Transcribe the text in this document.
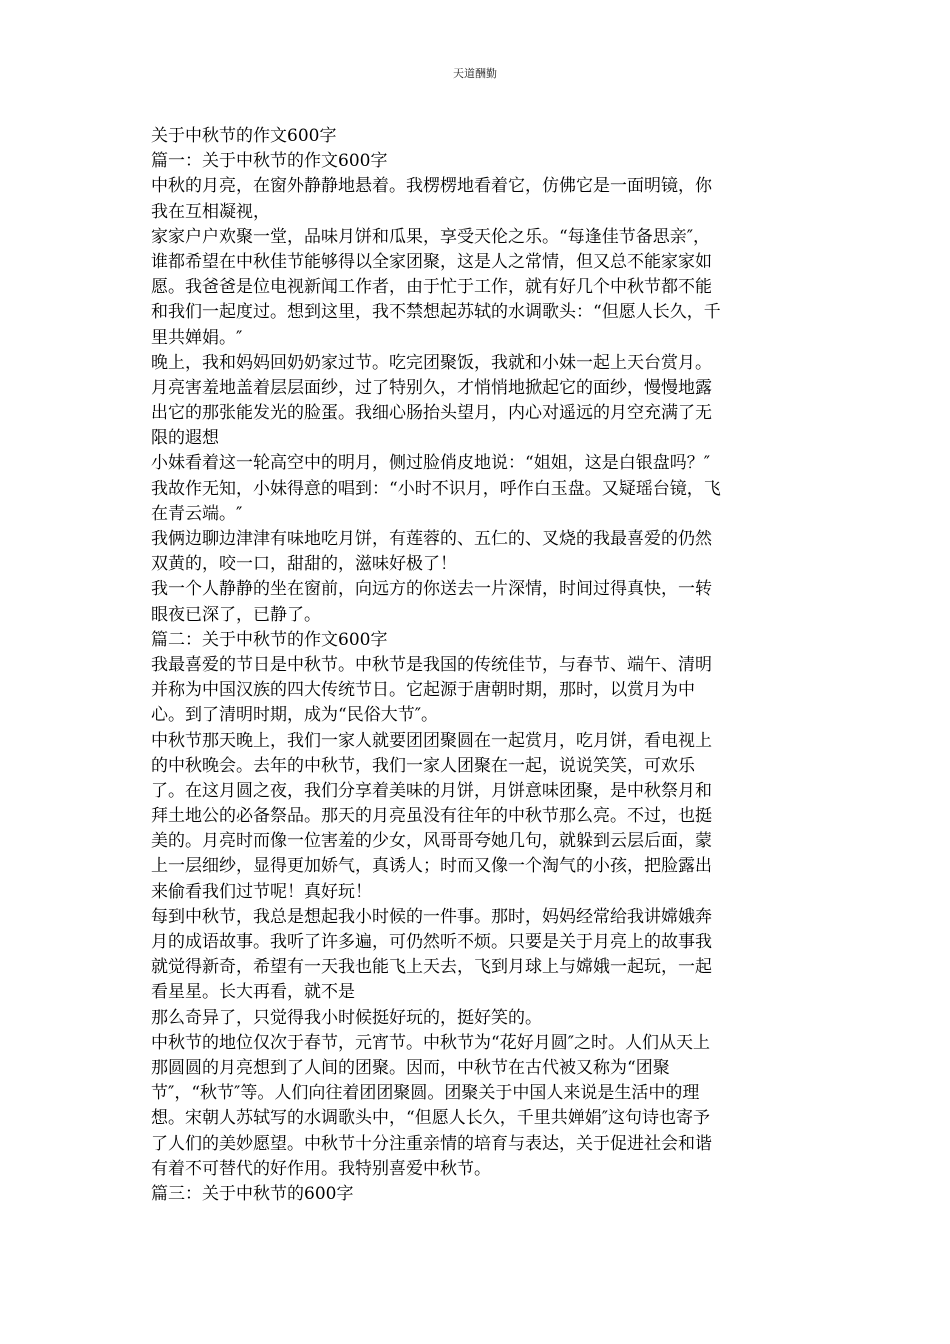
天道酬勤
关于中秋节的作文600字
篇一：关于中秋节的作文600字
中秋的月亮，在窗外静静地悬着。我楞楞地看着它，仿佛它是一面明镜，你
我在互相凝视，
家家户户欢聚一堂，品味月饼和瓜果，享受天伦之乐。“每逢佳节备思亲″，
谁都希望在中秋佳节能够得以全家团聚，这是人之常情，但又总不能家家如
愿。我爸爸是位电视新闻工作者，由于忙于工作，就有好几个中秋节都不能
和我们一起度过。想到这里，我不禁想起苏轼的水调歌头：“但愿人长久，千
里共婵娟。″
晚上，我和妈妈回奶奶家过节。吃完团聚饭，我就和小妹一起上天台赏月。
月亮害羞地盖着层层面纱，过了特别久，才悄悄地掀起它的面纱，慢慢地露
出它的那张能发光的脸蛋。我细心肠抬头望月，内心对遥远的月空充满了无
限的遐想
小妹看着这一轮高空中的明月，侧过脸俏皮地说：“姐姐，这是白银盘吗？″
我故作无知，小妹得意的唱到：“小时不识月，呼作白玉盘。又疑瑶台镜，飞
在青云端。″
我俩边聊边津津有味地吃月饼，有莲蓉的、五仁的、叉烧的我最喜爱的仍然
双黄的，咬一口，甜甜的，滋味好极了！
我一个人静静的坐在窗前，向远方的你送去一片深情，时间过得真快，一转
眼夜已深了，已静了。
篇二：关于中秋节的作文600字
我最喜爱的节日是中秋节。中秋节是我国的传统佳节，与春节、端午、清明
并称为中国汉族的四大传统节日。它起源于唐朝时期，那时，以赏月为中
心。到了清明时期，成为“民俗大节″。
中秋节那天晚上，我们一家人就要团团聚圆在一起赏月，吃月饼，看电视上
的中秋晚会。去年的中秋节，我们一家人团聚在一起，说说笑笑，可欢乐
了。在这月圆之夜，我们分享着美味的月饼，月饼意味团聚，是中秋祭月和
拜土地公的必备祭品。那天的月亮虽没有往年的中秋节那么亮。不过，也挺
美的。月亮时而像一位害羞的少女，风哥哥夸她几句，就躲到云层后面，蒙
上一层细纱，显得更加娇气，真诱人；时而又像一个淘气的小孩，把脸露出
来偷看我们过节呢！真好玩！
每到中秋节，我总是想起我小时候的一件事。那时，妈妈经常给我讲嫦娥奔
月的成语故事。我听了许多遍，可仍然听不烦。只要是关于月亮上的故事我
就觉得新奇，希望有一天我也能飞上天去，飞到月球上与嫦娥一起玩，一起
看星星。长大再看，就不是
那么奇异了，只觉得我小时候挺好玩的，挺好笑的。
中秋节的地位仅次于春节，元宵节。中秋节为“花好月圆″之时。人们从天上
那圆圆的月亮想到了人间的团聚。因而，中秋节在古代被又称为“团聚
节″，“秋节″等。人们向往着团团聚圆。团聚关于中国人来说是生活中的理
想。宋朝人苏轼写的水调歌头中，“但愿人长久，千里共婵娟″这句诗也寄予
了人们的美妙愿望。中秋节十分注重亲情的培育与表达，关于促进社会和谐
有着不可替代的好作用。我特别喜爱中秋节。
篇三：关于中秋节的600字
